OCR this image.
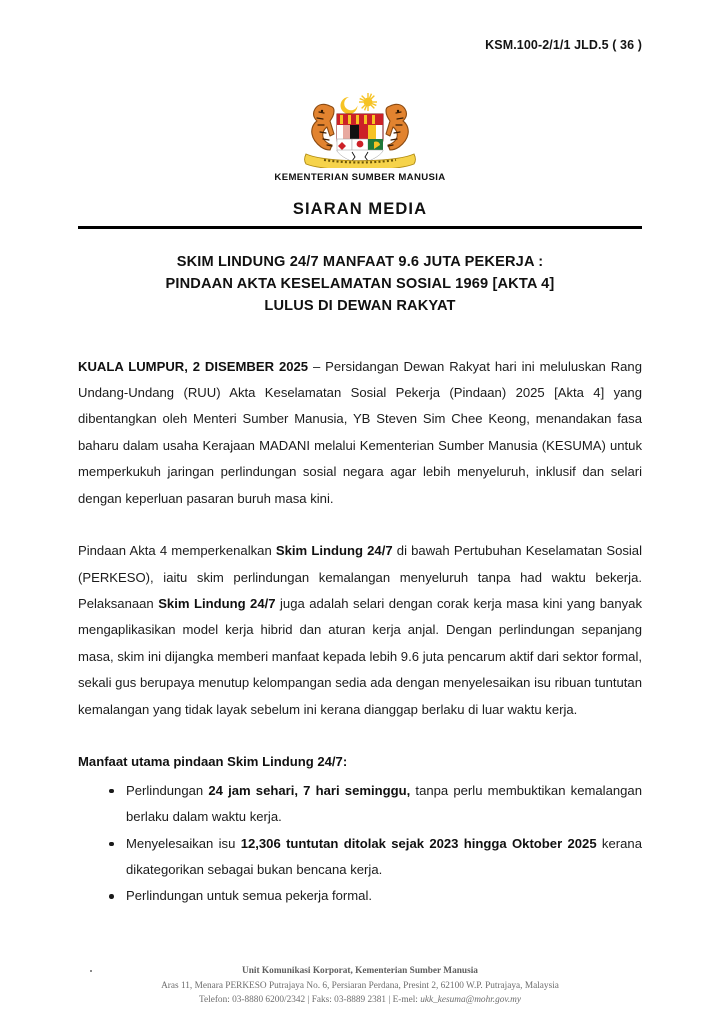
KSM.100-2/1/1 JLD.5 ( 36 )
KEMENTERIAN SUMBER MANUSIA
SIARAN MEDIA
SKIM LINDUNG 24/7 MANFAAT 9.6 JUTA PEKERJA :
PINDAAN AKTA KESELAMATAN SOSIAL 1969 [AKTA 4]
LULUS DI DEWAN RAKYAT

KUALA LUMPUR, 2 DISEMBER 2025 – Persidangan Dewan Rakyat hari ini meluluskan Rang Undang-Undang (RUU) Akta Keselamatan Sosial Pekerja (Pindaan) 2025 [Akta 4] yang dibentangkan oleh Menteri Sumber Manusia, YB Steven Sim Chee Keong, menandakan fasa baharu dalam usaha Kerajaan MADANI melalui Kementerian Sumber Manusia (KESUMA) untuk memperkukuh jaringan perlindungan sosial negara agar lebih menyeluruh, inklusif dan selari dengan keperluan pasaran buruh masa kini.

Pindaan Akta 4 memperkenalkan Skim Lindung 24/7 di bawah Pertubuhan Keselamatan Sosial (PERKESO), iaitu skim perlindungan kemalangan menyeluruh tanpa had waktu bekerja. Pelaksanaan Skim Lindung 24/7 juga adalah selari dengan corak kerja masa kini yang banyak mengaplikasikan model kerja hibrid dan aturan kerja anjal. Dengan perlindungan sepanjang masa, skim ini dijangka memberi manfaat kepada lebih 9.6 juta pencarum aktif dari sektor formal, sekali gus berupaya menutup kelompangan sedia ada dengan menyelesaikan isu ribuan tuntutan kemalangan yang tidak layak sebelum ini kerana dianggap berlaku di luar waktu kerja.

Manfaat utama pindaan Skim Lindung 24/7:
Perlindungan 24 jam sehari, 7 hari seminggu, tanpa perlu membuktikan kemalangan berlaku dalam waktu kerja.
Menyelesaikan isu 12,306 tuntutan ditolak sejak 2023 hingga Oktober 2025 kerana dikategorikan sebagai bukan bencana kerja.
Perlindungan untuk semua pekerja formal.
Unit Komunikasi Korporat, Kementerian Sumber Manusia
Aras 11, Menara PERKESO Putrajaya No. 6, Persiaran Perdana, Presint 2, 62100 W.P. Putrajaya, Malaysia
Telefon: 03-8880 6200/2342 | Faks: 03-8889 2381 | E-mel: ukk_kesuma@mohr.gov.my
